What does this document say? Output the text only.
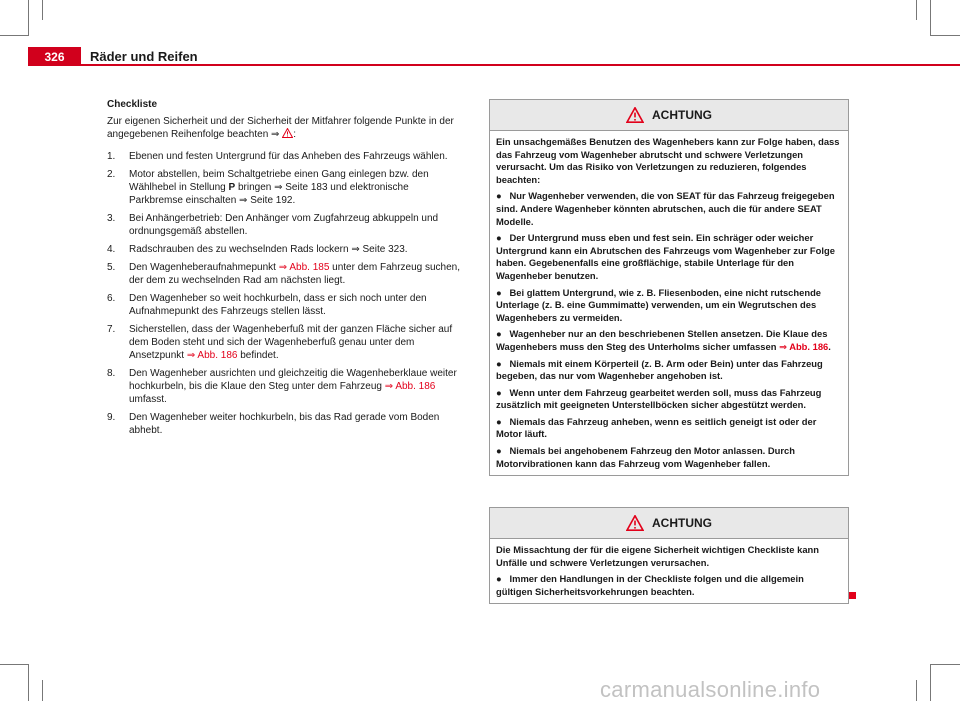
326	Räder und Reifen
Checkliste
Zur eigenen Sicherheit und der Sicherheit der Mitfahrer folgende Punkte in der angegebenen Reihenfolge beachten ⇒ :
1. Ebenen und festen Untergrund für das Anheben des Fahrzeugs wählen.
2. Motor abstellen, beim Schaltgetriebe einen Gang einlegen bzw. den Wählhebel in Stellung P bringen ⇒ Seite 183 und elektronische Parkbremse einschalten ⇒ Seite 192.
3. Bei Anhängerbetrieb: Den Anhänger vom Zugfahrzeug abkuppeln und ordnungsgemäß abstellen.
4. Radschrauben des zu wechselnden Rads lockern ⇒ Seite 323.
5. Den Wagenheberaufnahmepunkt ⇒ Abb. 185 unter dem Fahrzeug suchen, der dem zu wechselnden Rad am nächsten liegt.
6. Den Wagenheber so weit hochkurbeln, dass er sich noch unter den Aufnahmepunkt des Fahrzeugs stellen lässt.
7. Sicherstellen, dass der Wagenheberfuß mit der ganzen Fläche sicher auf dem Boden steht und sich der Wagenheberfuß genau unter dem Ansetzpunkt ⇒ Abb. 186 befindet.
8. Den Wagenheber ausrichten und gleichzeitig die Wagenheberklaue weiter hochkurbeln, bis die Klaue den Steg unter dem Fahrzeug ⇒ Abb. 186 umfasst.
9. Den Wagenheber weiter hochkurbeln, bis das Rad gerade vom Boden abhebt.
ACHTUNG

Ein unsachgemäßes Benutzen des Wagenhebers kann zur Folge haben, dass das Fahrzeug vom Wagenheber abrutscht und schwere Verletzungen verursacht. Um das Risiko von Verletzungen zu reduzieren, folgendes beachten:

● Nur Wagenheber verwenden, die von SEAT für das Fahrzeug freigegeben sind. Andere Wagenheber könnten abrutschen, auch die für andere SEAT Modelle.

● Der Untergrund muss eben und fest sein. Ein schräger oder weicher Untergrund kann ein Abrutschen des Fahrzeugs vom Wagenheber zur Folge haben. Gegebenenfalls eine großflächige, stabile Unterlage für den Wagenheber benutzen.

● Bei glattem Untergrund, wie z. B. Fliesenboden, eine nicht rutschende Unterlage (z. B. eine Gummimatte) verwenden, um ein Wegrutschen des Wagenhebers zu vermeiden.

● Wagenheber nur an den beschriebenen Stellen ansetzen. Die Klaue des Wagenhebers muss den Steg des Unterholms sicher umfassen ⇒ Abb. 186.

● Niemals mit einem Körperteil (z. B. Arm oder Bein) unter das Fahrzeug begeben, das nur vom Wagenheber angehoben ist.

● Wenn unter dem Fahrzeug gearbeitet werden soll, muss das Fahrzeug zusätzlich mit geeigneten Unterstellböcken sicher abgestützt werden.

● Niemals das Fahrzeug anheben, wenn es seitlich geneigt ist oder der Motor läuft.

● Niemals bei angehobenem Fahrzeug den Motor anlassen. Durch Motorvibrationen kann das Fahrzeug vom Wagenheber fallen.

ACHTUNG

Die Missachtung der für die eigene Sicherheit wichtigen Checkliste kann Unfälle und schwere Verletzungen verursachen.

● Immer den Handlungen in der Checkliste folgen und die allgemein gültigen Sicherheitsvorkehrungen beachten.

carmanualsonline.info
